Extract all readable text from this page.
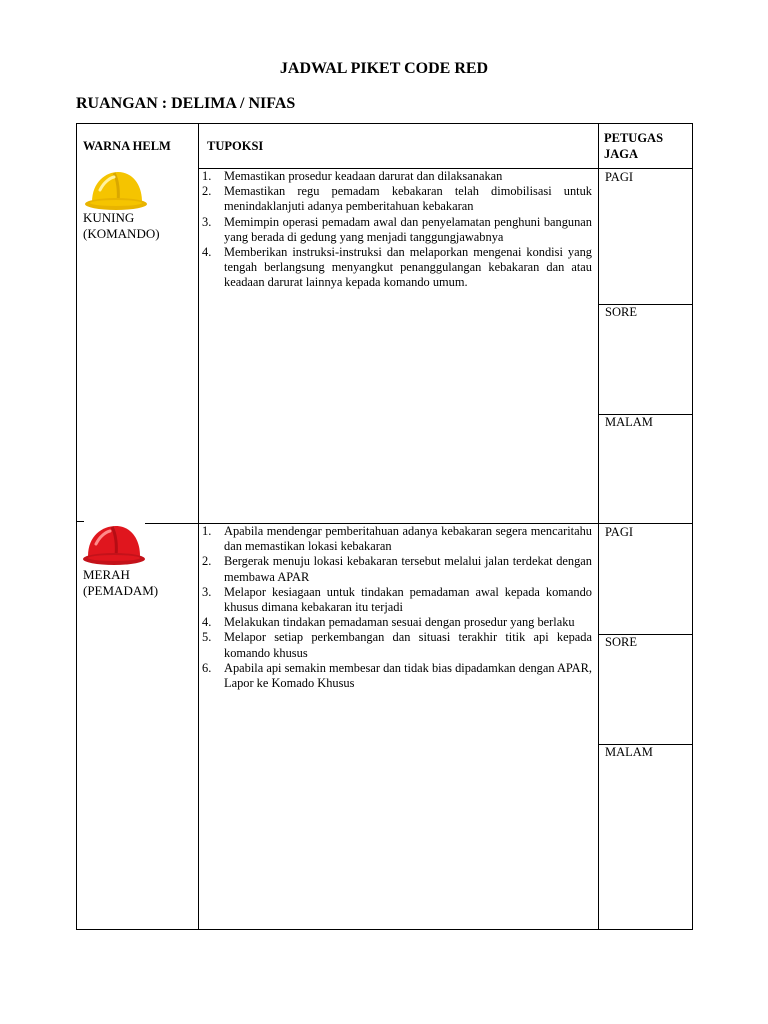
JADWAL PIKET CODE RED
RUANGAN : DELIMA / NIFAS
WARNA HELM	TUPOKSI
PETUGAS JAGA
KUNING
(KOMANDO)
1. Memastikan prosedur keadaan darurat dan dilaksanakan
2. Memastikan regu pemadam kebakaran telah dimobilisasi untuk menindaklanjuti adanya pemberitahuan kebakaran
3. Memimpin operasi pemadam awal dan penyelamatan penghuni bangunan yang berada di gedung yang menjadi tanggungjawabnya
4. Memberikan instruksi-instruksi dan melaporkan mengenai kondisi yang tengah berlangsung menyangkut penanggulangan kebakaran dan atau keadaan darurat lainnya kepada komando umum.
PAGI
SORE
MALAM
MERAH
(PEMADAM)
1. Apabila mendengar pemberitahuan adanya kebakaran segera mencaritahu dan memastikan lokasi kebakaran
2. Bergerak menuju lokasi kebakaran tersebut melalui jalan terdekat dengan membawa APAR
3. Melapor kesiagaan untuk tindakan pemadaman awal kepada komando khusus dimana kebakaran itu terjadi
4. Melakukan tindakan pemadaman sesuai dengan prosedur yang berlaku
5. Melapor setiap perkembangan dan situasi terakhir titik api kepada komando khusus
6. Apabila api semakin membesar dan tidak bias dipadamkan dengan APAR, Lapor ke Komado Khusus
PAGI
SORE
MALAM
